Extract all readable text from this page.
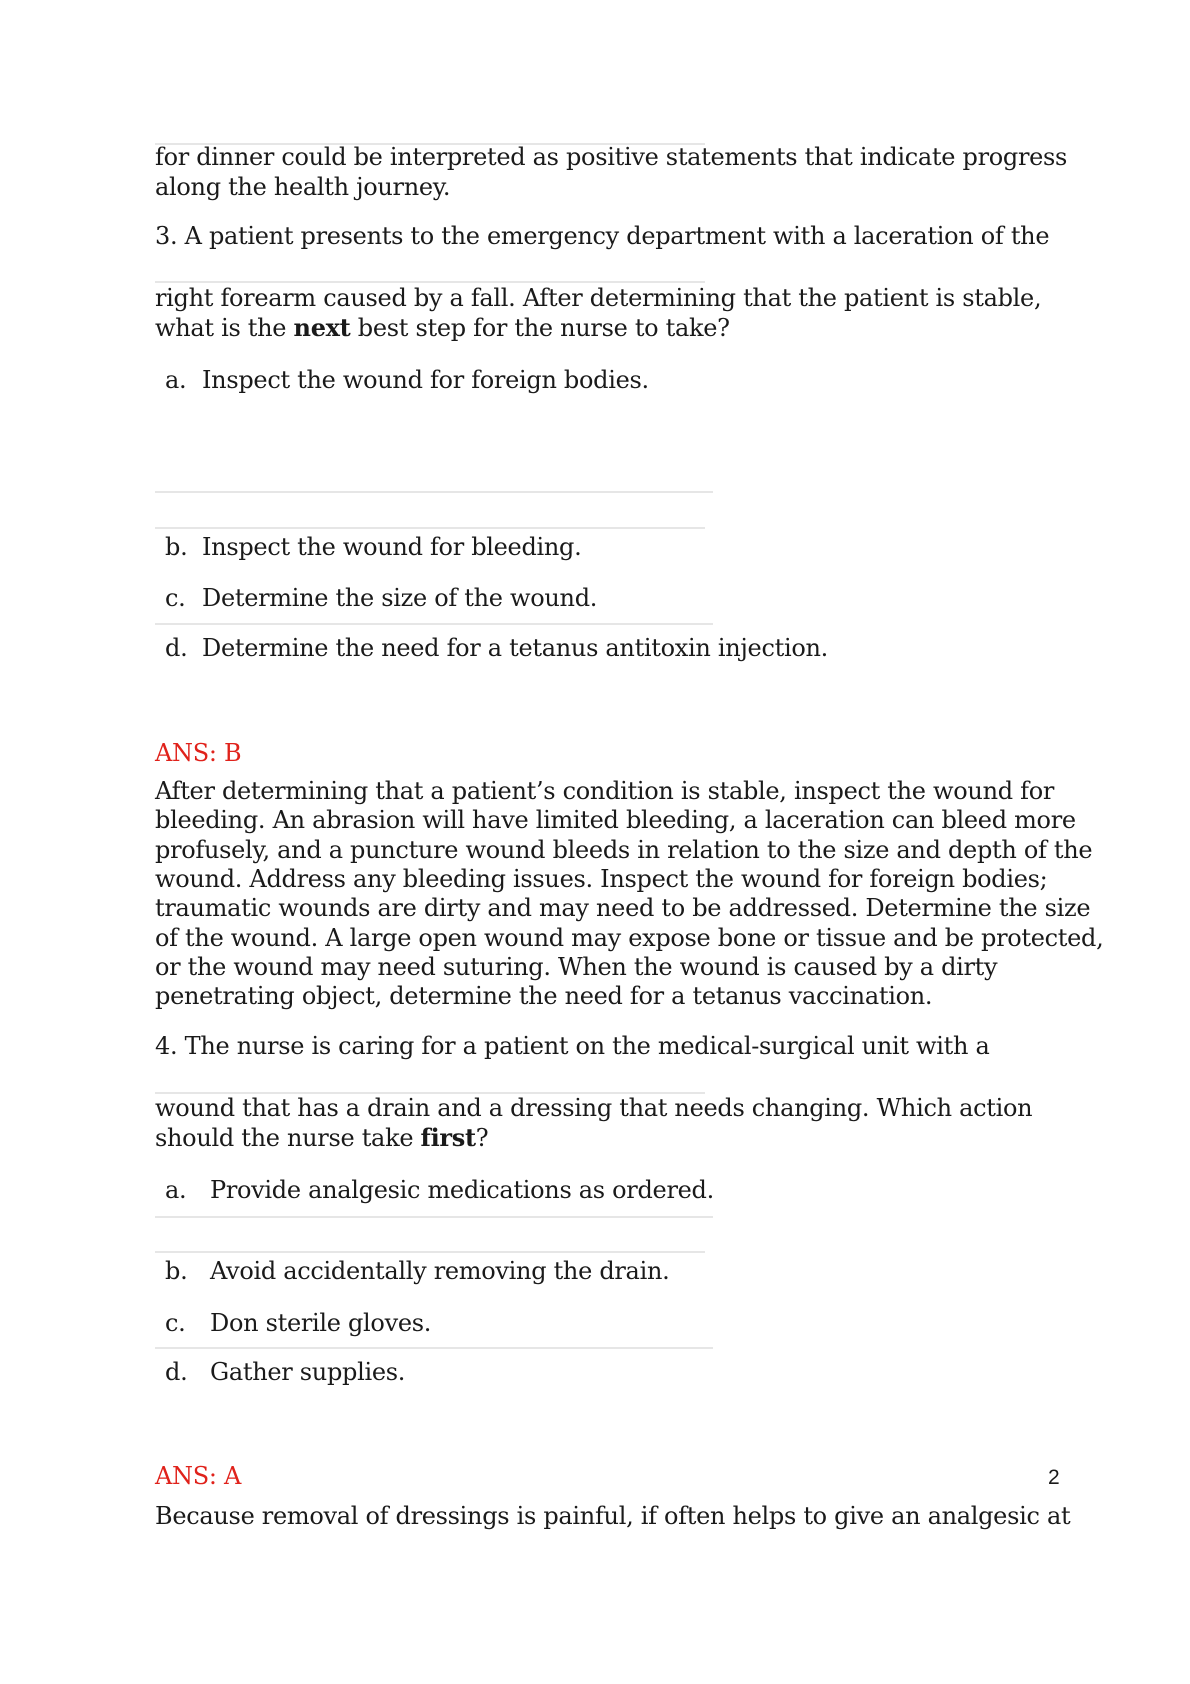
for dinner could be interpreted as positive statements that indicate progress
along the health journey.
3. A patient presents to the emergency department with a laceration of the
right forearm caused by a fall. After determining that the patient is stable,
what is the next best step for the nurse to take?
a. Inspect the wound for foreign bodies.
b. Inspect the wound for bleeding.
c. Determine the size of the wound.
d. Determine the need for a tetanus antitoxin injection.
ANS: B
After determining that a patient’s condition is stable, inspect the wound for
bleeding. An abrasion will have limited bleeding, a laceration can bleed more
profusely, and a puncture wound bleeds in relation to the size and depth of the
wound. Address any bleeding issues. Inspect the wound for foreign bodies;
traumatic wounds are dirty and may need to be addressed. Determine the size
of the wound. A large open wound may expose bone or tissue and be protected,
or the wound may need suturing. When the wound is caused by a dirty
penetrating object, determine the need for a tetanus vaccination.
4. The nurse is caring for a patient on the medical-surgical unit with a
wound that has a drain and a dressing that needs changing. Which action
should the nurse take first?
a. Provide analgesic medications as ordered.
b. Avoid accidentally removing the drain.
c. Don sterile gloves.
d. Gather supplies.
ANS: A	2
Because removal of dressings is painful, if often helps to give an analgesic at
